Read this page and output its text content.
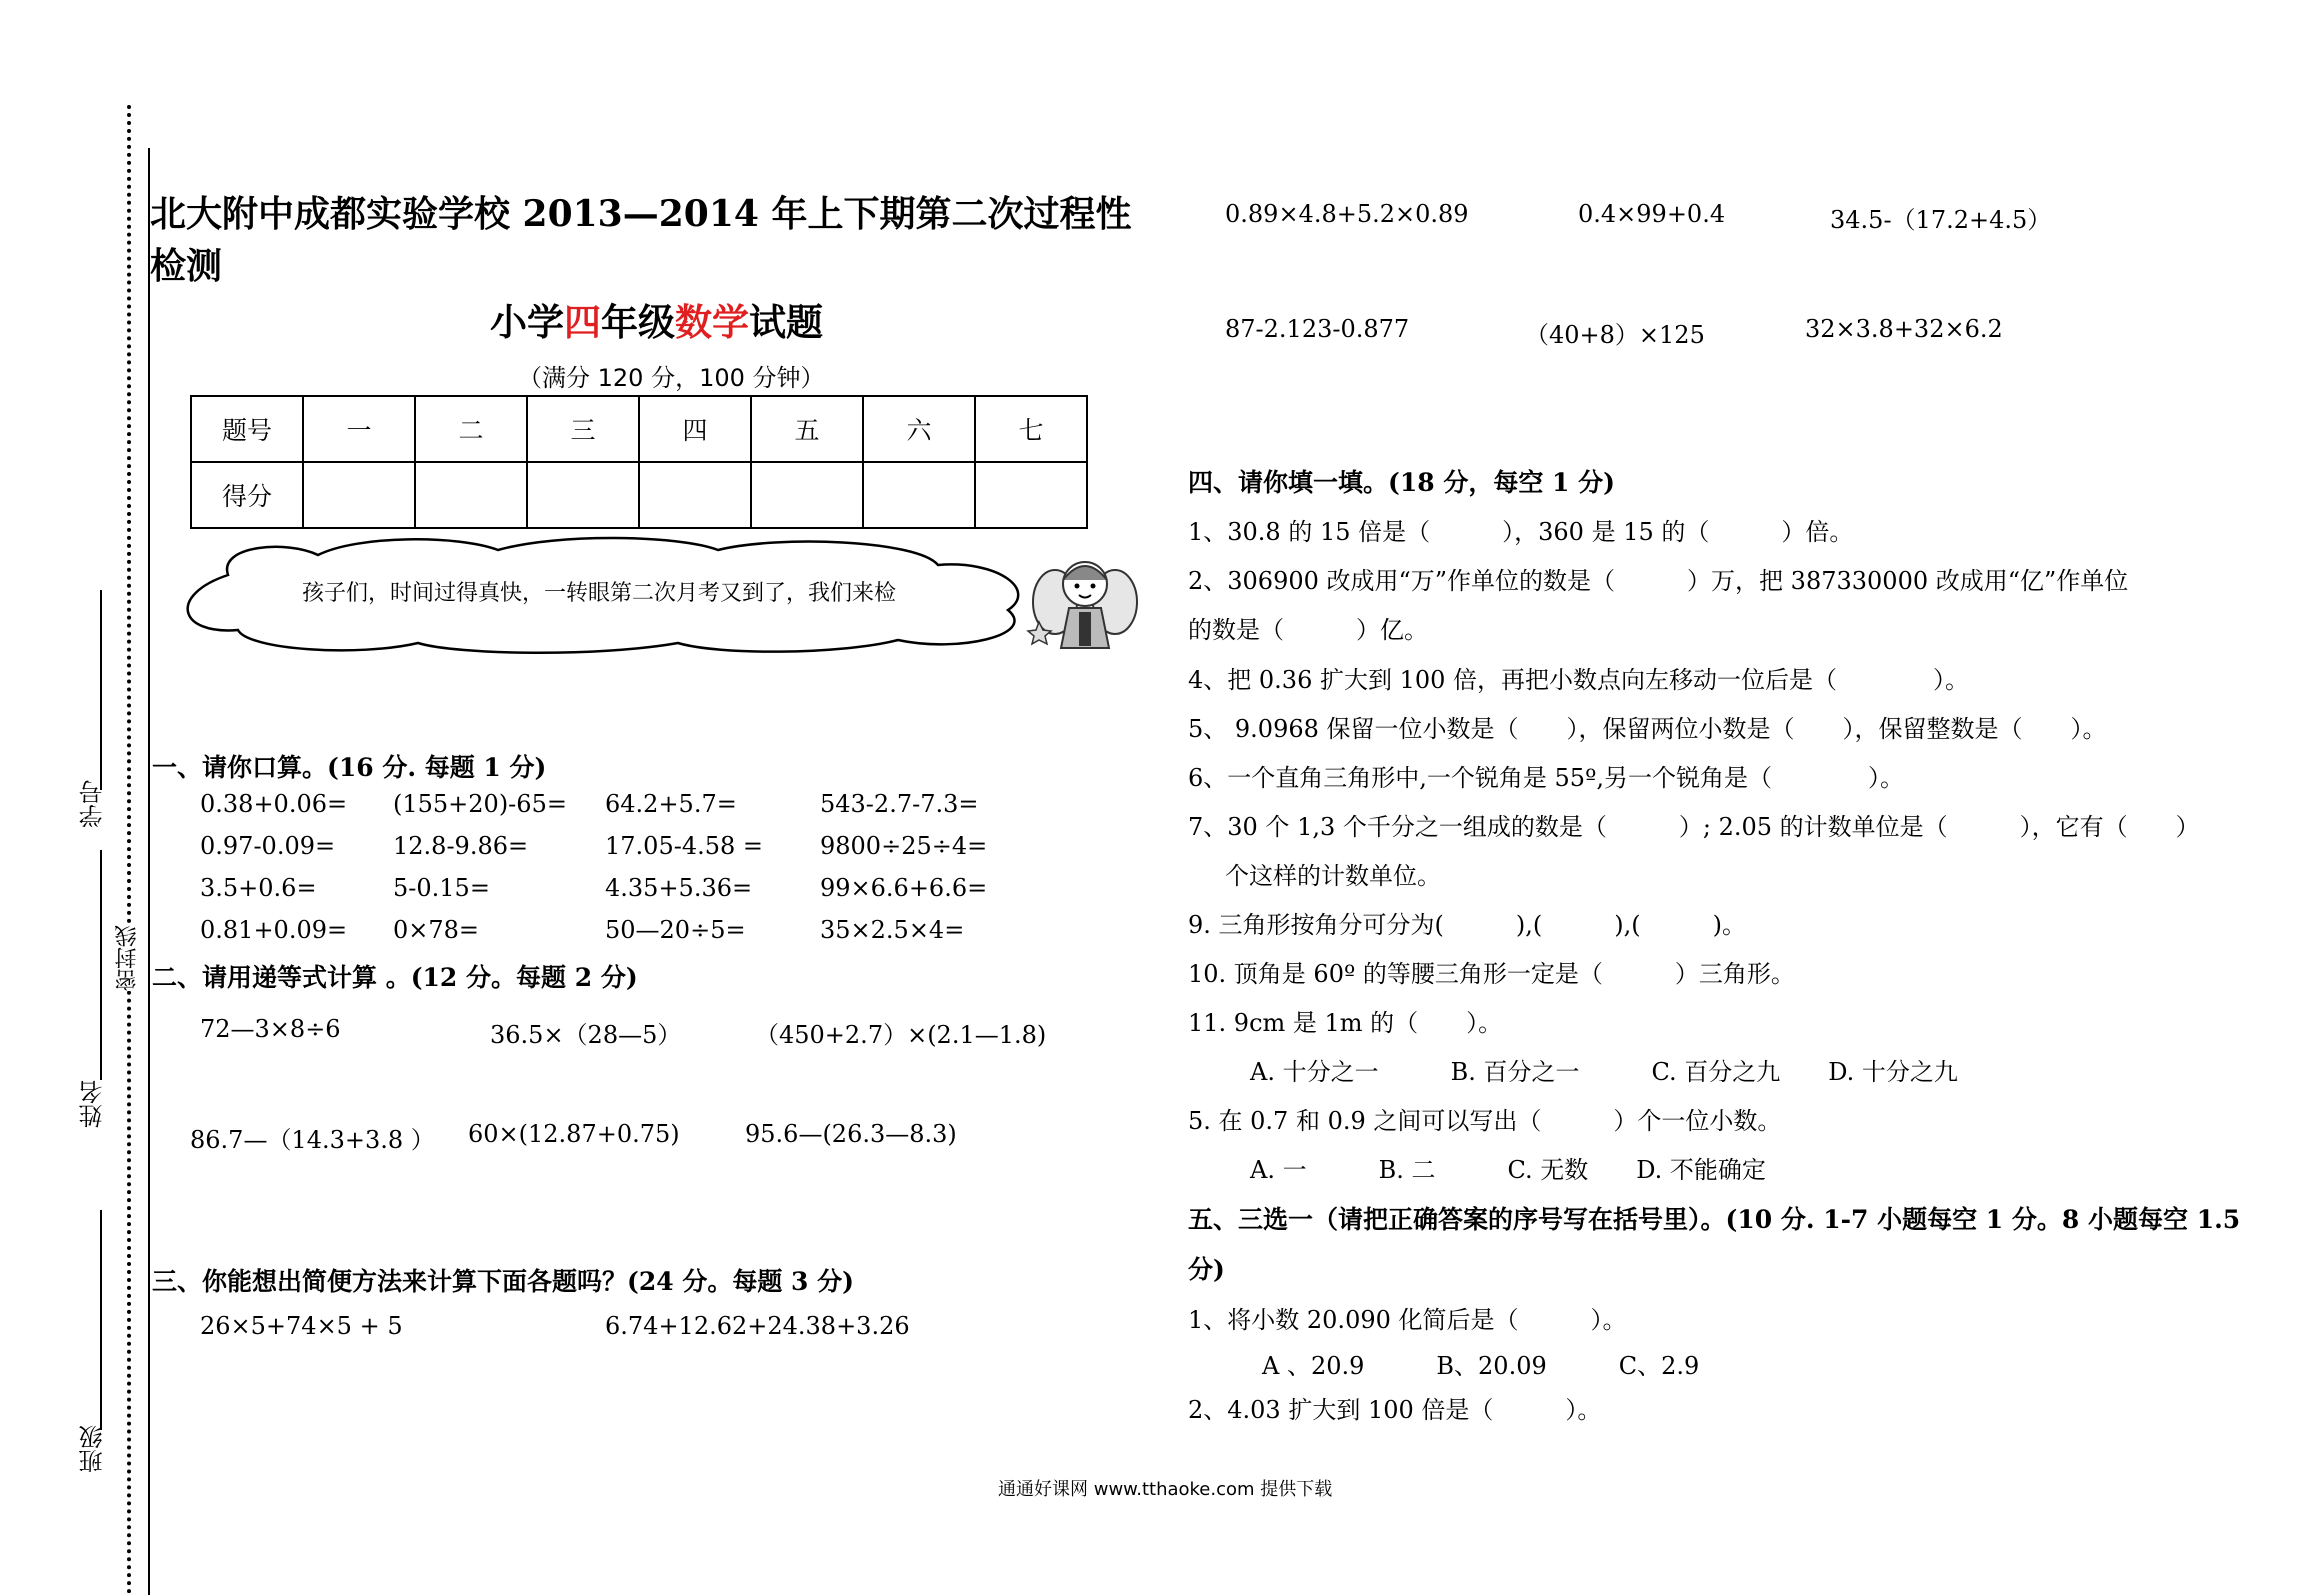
学号
密封线
姓名
班级
北大附中成都实验学校 2013—2014 年上下期第二次过程性检测
小学四年级数学试题
（满分 120 分，100 分钟）
题号	一	二	三	四	五	六	七
得分							
孩子们，时间过得真快，一转眼第二次月考又到了，我们来检
一、请你口算。(16 分. 每题 1 分)
0.38+0.06= (155+20)-65= 64.2+5.7=	543-2.7-7.3=
0.97-0.09= 12.8-9.86=	17.05-4.58 = 9800÷25÷4=
3.5+0.6=	5-0.15=	4.35+5.36=	99×6.6+6.6=
0.81+0.09= 0×78=	50—20÷5=	35×2.5×4=
二、请用递等式计算 。(12 分。每题 2 分)
72—3×8÷6	36.5×（28—5）	（450+2.7）×(2.1—1.8)
86.7—（14.3+3.8 ） 60×(12.87+0.75)	95.6—(26.3—8.3)
三、你能想出简便方法来计算下面各题吗？(24 分。每题 3 分)
26×5+74×5 + 5	6.74+12.62+24.38+3.26
0.89×4.8+5.2×0.89	0.4×99+0.4	34.5-（17.2+4.5）
87-2.123-0.877	（40+8）×125	32×3.8+32×6.2
四、请你填一填。(18 分，每空 1 分)
1、30.8 的 15 倍是（　　　），360 是 15 的（　　　）倍。
2、306900 改成用“万”作单位的数是（　　　）万，把 387330000 改成用“亿”作单位
的数是（　　　）亿。
4、把 0.36 扩大到 100 倍，再把小数点向左移动一位后是（　　　　）。
5、 9.0968 保留一位小数是（　　），保留两位小数是（　　），保留整数是（　　）。
6、一个直角三角形中,一个锐角是 55º,另一个锐角是（　　　　）。
7、30 个 1,3 个千分之一组成的数是（　　　）; 2.05 的计数单位是（　　　），它有（　　）
个这样的计数单位。
9. 三角形按角分可分为(　　　),(　　　),(　　　)。
10. 顶角是 60º 的等腰三角形一定是（　　　）三角形。
11. 9cm 是 1m 的（　　）。
A. 十分之一　　　B. 百分之一　　　C. 百分之九　　D. 十分之九
5. 在 0.7 和 0.9 之间可以写出（　　　）个一位小数。
A. 一　　　B. 二　　　C. 无数　　D. 不能确定
五、三选一（请把正确答案的序号写在括号里）。(10 分. 1-7 小题每空 1 分。8 小题每空 1.5
分)
1、将小数 20.090 化简后是（　　　）。
A 、20.9　　　B、20.09　　　C、2.9
2、4.03 扩大到 100 倍是（　　　）。
通通好课网 www.tthaoke.com 提供下载
